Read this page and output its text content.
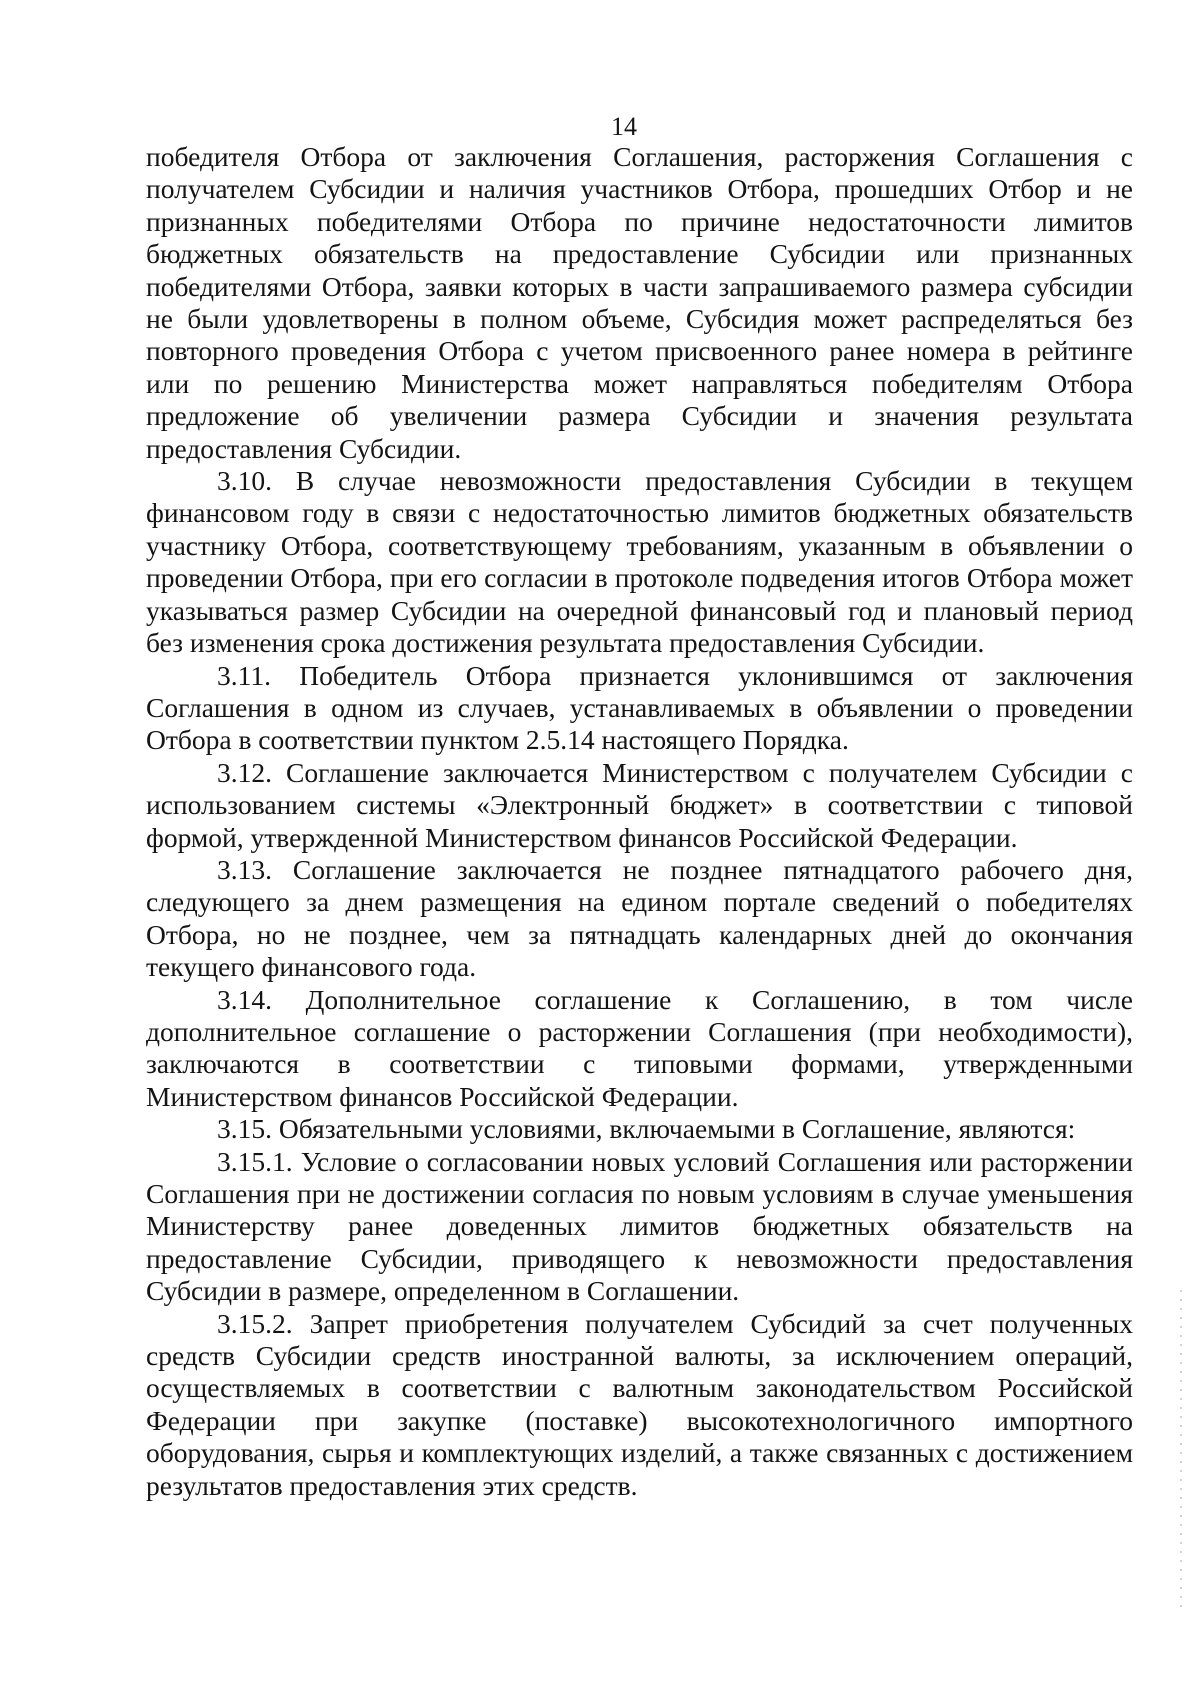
14

победителя Отбора от заключения Соглашения, расторжения Соглашения с получателем Субсидии и наличия участников Отбора, прошедших Отбор и не признанных победителями Отбора по причине недостаточности лимитов бюджетных обязательств на предоставление Субсидии или признанных победителями Отбора, заявки которых в части запрашиваемого размера субсидии не были удовлетворены в полном объеме, Субсидия может распределяться без повторного проведения Отбора с учетом присвоенного ранее номера в рейтинге или по решению Министерства может направляться победителям Отбора предложение об увеличении размера Субсидии и значения результата предоставления Субсидии.

3.10. В случае невозможности предоставления Субсидии в текущем финансовом году в связи с недостаточностью лимитов бюджетных обязательств участнику Отбора, соответствующему требованиям, указанным в объявлении о проведении Отбора, при его согласии в протоколе подведения итогов Отбора может указываться размер Субсидии на очередной финансовый год и плановый период без изменения срока достижения результата предоставления Субсидии.

3.11. Победитель Отбора признается уклонившимся от заключения Соглашения в одном из случаев, устанавливаемых в объявлении о проведении Отбора в соответствии пунктом 2.5.14 настоящего Порядка.

3.12. Соглашение заключается Министерством с получателем Субсидии с использованием системы «Электронный бюджет» в соответствии с типовой формой, утвержденной Министерством финансов Российской Федерации.

3.13. Соглашение заключается не позднее пятнадцатого рабочего дня, следующего за днем размещения на едином портале сведений о победителях Отбора, но не позднее, чем за пятнадцать календарных дней до окончания текущего финансового года.

3.14. Дополнительное соглашение к Соглашению, в том числе дополнительное соглашение о расторжении Соглашения (при необходимости), заключаются в соответствии с типовыми формами, утвержденными Министерством финансов Российской Федерации.

3.15. Обязательными условиями, включаемыми в Соглашение, являются:

3.15.1. Условие о согласовании новых условий Соглашения или расторжении Соглашения при не достижении согласия по новым условиям в случае уменьшения Министерству ранее доведенных лимитов бюджетных обязательств на предоставление Субсидии, приводящего к невозможности предоставления Субсидии в размере, определенном в Соглашении.

3.15.2. Запрет приобретения получателем Субсидий за счет полученных средств Субсидии средств иностранной валюты, за исключением операций, осуществляемых в соответствии с валютным законодательством Российской Федерации при закупке (поставке) высокотехнологичного импортного оборудования, сырья и комплектующих изделий, а также связанных с достижением результатов предоставления этих средств.
